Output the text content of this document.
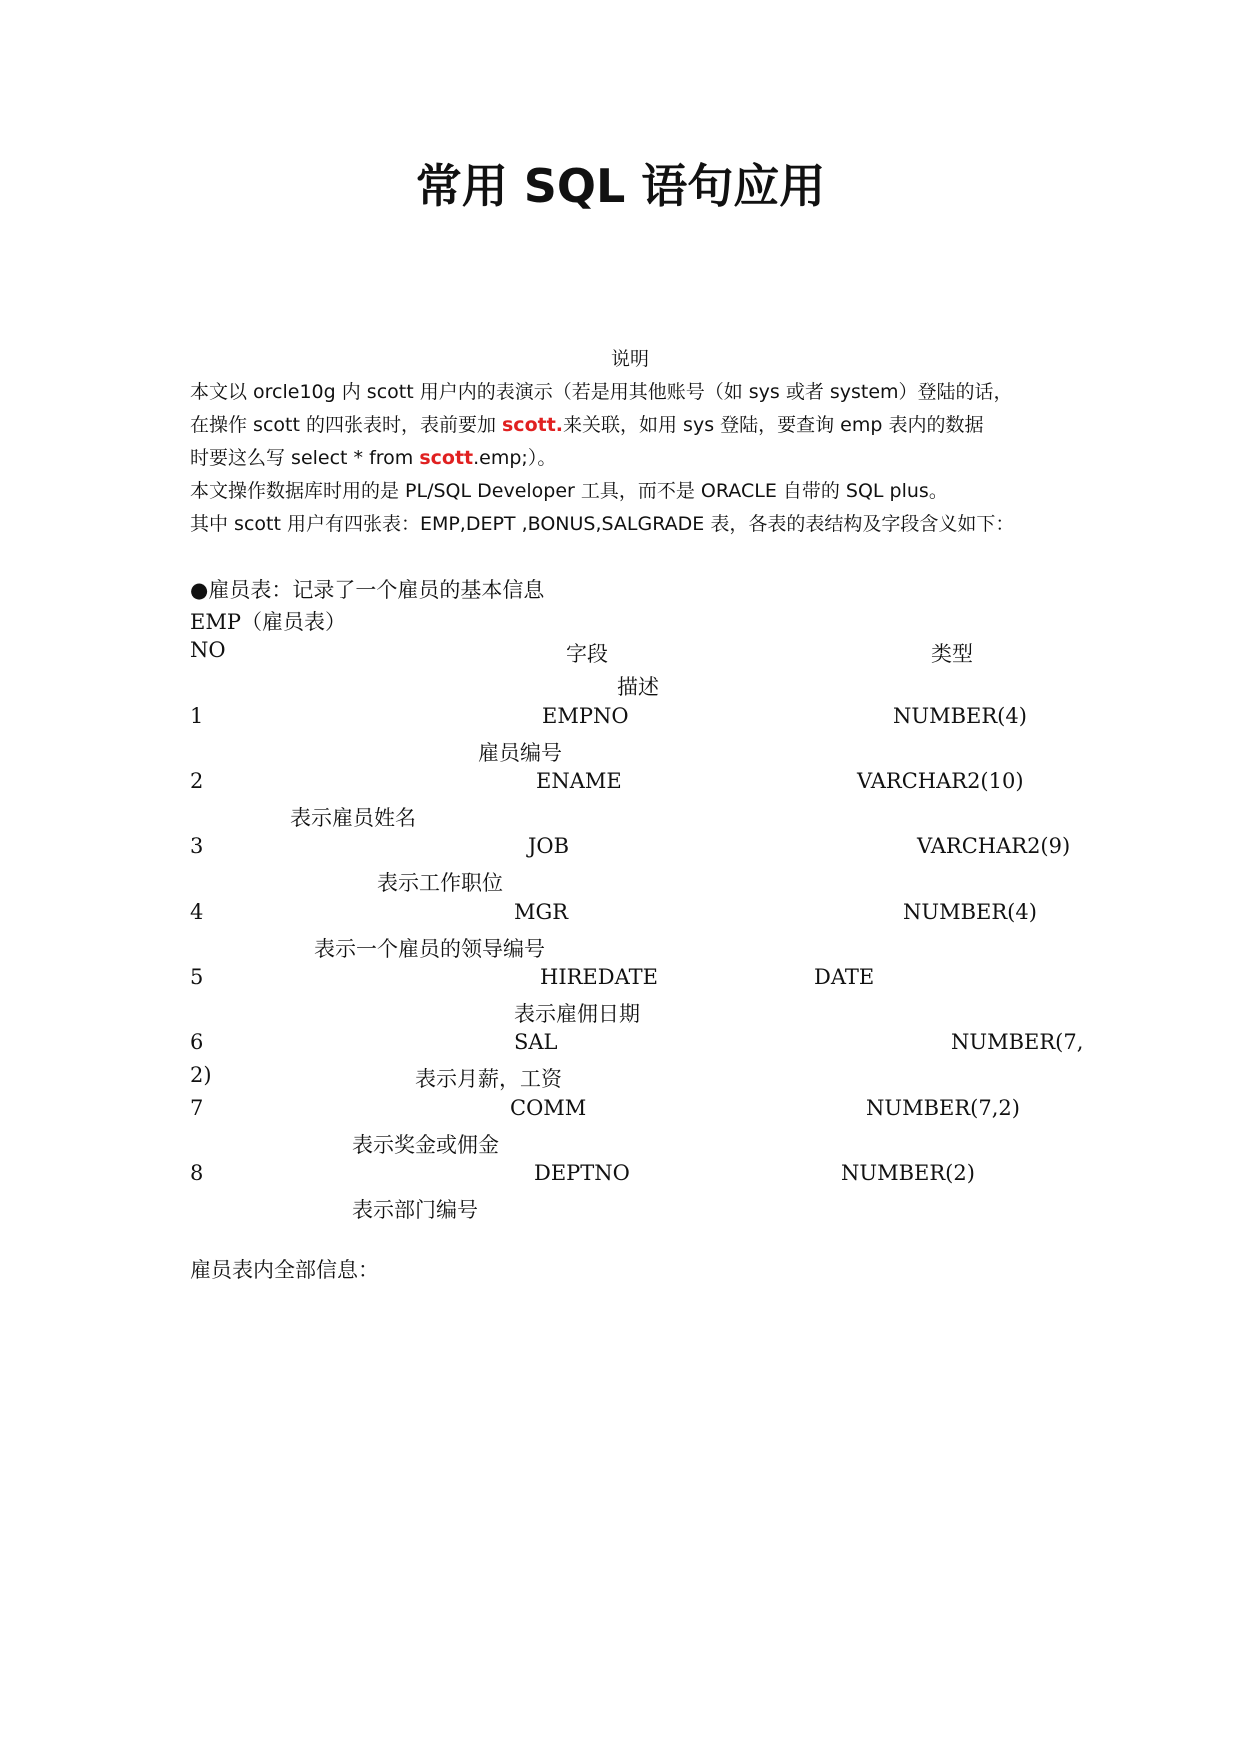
常用 SQL 语句应用
说明
本文以 orcle10g 内 scott 用户内的表演示（若是用其他账号（如 sys 或者 system）登陆的话，
在操作 scott 的四张表时，表前要加 scott.来关联，如用 sys 登陆，要查询 emp 表内的数据
时要这么写 select * from scott.emp;）。
本文操作数据库时用的是 PL/SQL Developer 工具，而不是 ORACLE 自带的 SQL plus。
其中 scott 用户有四张表：EMP,DEPT ,BONUS,SALGRADE 表，各表的表结构及字段含义如下：
●雇员表：记录了一个雇员的基本信息
EMP（雇员表）
NO	字段	类型
描述
1	EMPNO	NUMBER(4)
雇员编号
2	ENAME	VARCHAR2(10)
表示雇员姓名
3	JOB	VARCHAR2(9)
表示工作职位
4	MGR	NUMBER(4)
表示一个雇员的领导编号
5	HIREDATE	DATE
表示雇佣日期
6	SAL	NUMBER(7,
2)	表示月薪，工资
7	COMM	NUMBER(7,2)
表示奖金或佣金
8	DEPTNO	NUMBER(2)
表示部门编号
雇员表内全部信息：
